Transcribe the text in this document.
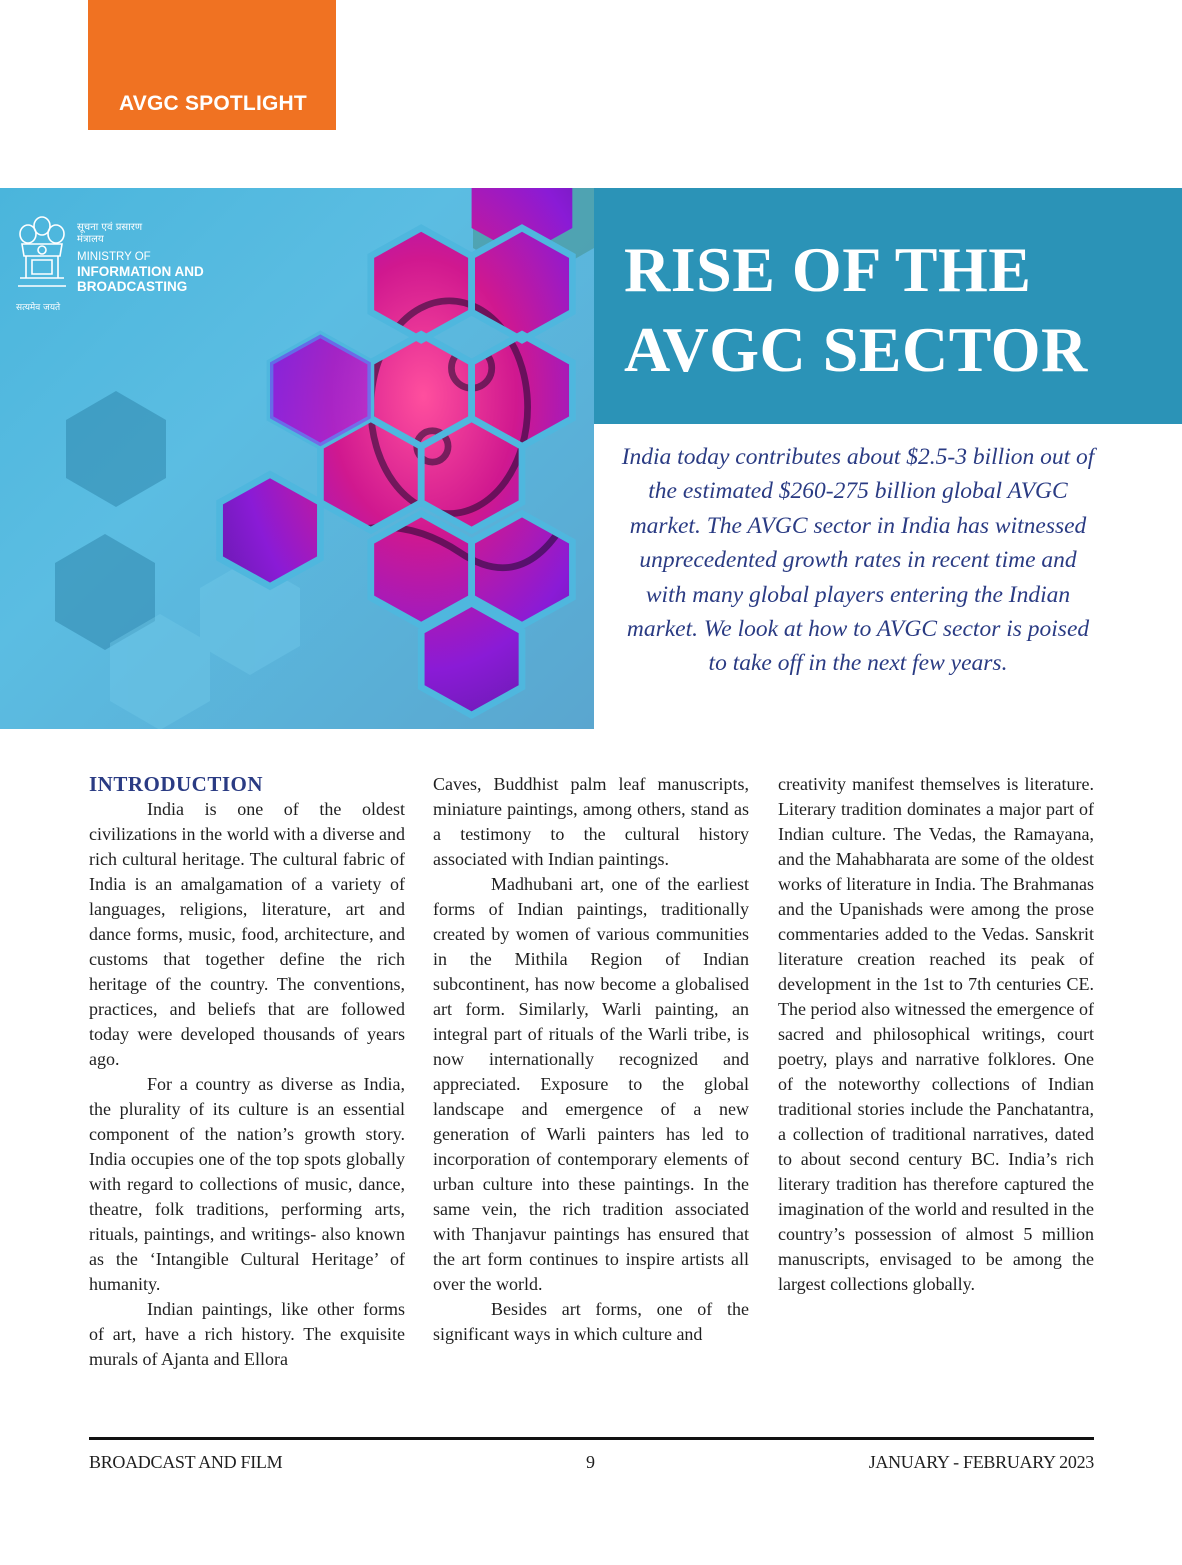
AVGC SPOTLIGHT
सत्यमेव जयते
सूचना एवं प्रसारण मंत्रालय
MINISTRY OF
INFORMATION AND BROADCASTING	RISE OF THE AVGC SECTOR

India today contributes about $2.5-3 billion out of the estimated $260-275 billion global AVGC market. The AVGC sector in India has witnessed unprecedented growth rates in recent time and with many global players entering the Indian market. We look at how to AVGC sector is poised to take off in the next few years.

INTRODUCTION

India is one of the oldest civilizations in the world with a diverse and rich cultural heritage. The cultural fabric of India is an amalgamation of a variety of languages, religions, literature, art and dance forms, music, food, architecture, and customs that together define the rich heritage of the country. The conventions, practices, and beliefs that are followed today were developed thousands of years ago.

For a country as diverse as India, the plurality of its culture is an essential component of the nation’s growth story. India occupies one of the top spots globally with regard to collections of music, dance, theatre, folk traditions, performing arts, rituals, paintings, and writings- also known as the ‘Intangible Cultural Heritage’ of humanity.

Indian paintings, like other forms of art, have a rich history. The exquisite murals of Ajanta and Ellora

Caves, Buddhist palm leaf manuscripts, miniature paintings, among others, stand as a testimony to the cultural history associated with Indian paintings.

Madhubani art, one of the earliest forms of Indian paintings, traditionally created by women of various communities in the Mithila Region of Indian subcontinent, has now become a globalised art form. Similarly, Warli painting, an integral part of rituals of the Warli tribe, is now internationally recognized and appreciated. Exposure to the global landscape and emergence of a new generation of Warli painters has led to incorporation of contemporary elements of urban culture into these paintings. In the same vein, the rich tradition associated with Thanjavur paintings has ensured that the art form continues to inspire artists all over the world.

Besides art forms, one of the significant ways in which culture and

creativity manifest themselves is literature. Literary tradition dominates a major part of Indian culture. The Vedas, the Ramayana, and the Mahabharata are some of the oldest works of literature in India. The Brahmanas and the Upanishads were among the prose commentaries added to the Vedas. Sanskrit literature creation reached its peak of development in the 1st to 7th centuries CE. The period also witnessed the emergence of sacred and philosophical writings, court poetry, plays and narrative folklores. One of the noteworthy collections of Indian traditional stories include the Panchatantra, a collection of traditional narratives, dated to about second century BC. India’s rich literary tradition has therefore captured the imagination of the world and resulted in the country’s possession of almost 5 million manuscripts, envisaged to be among the largest collections globally.

BROADCAST AND FILM	9	JANUARY - FEBRUARY 2023
